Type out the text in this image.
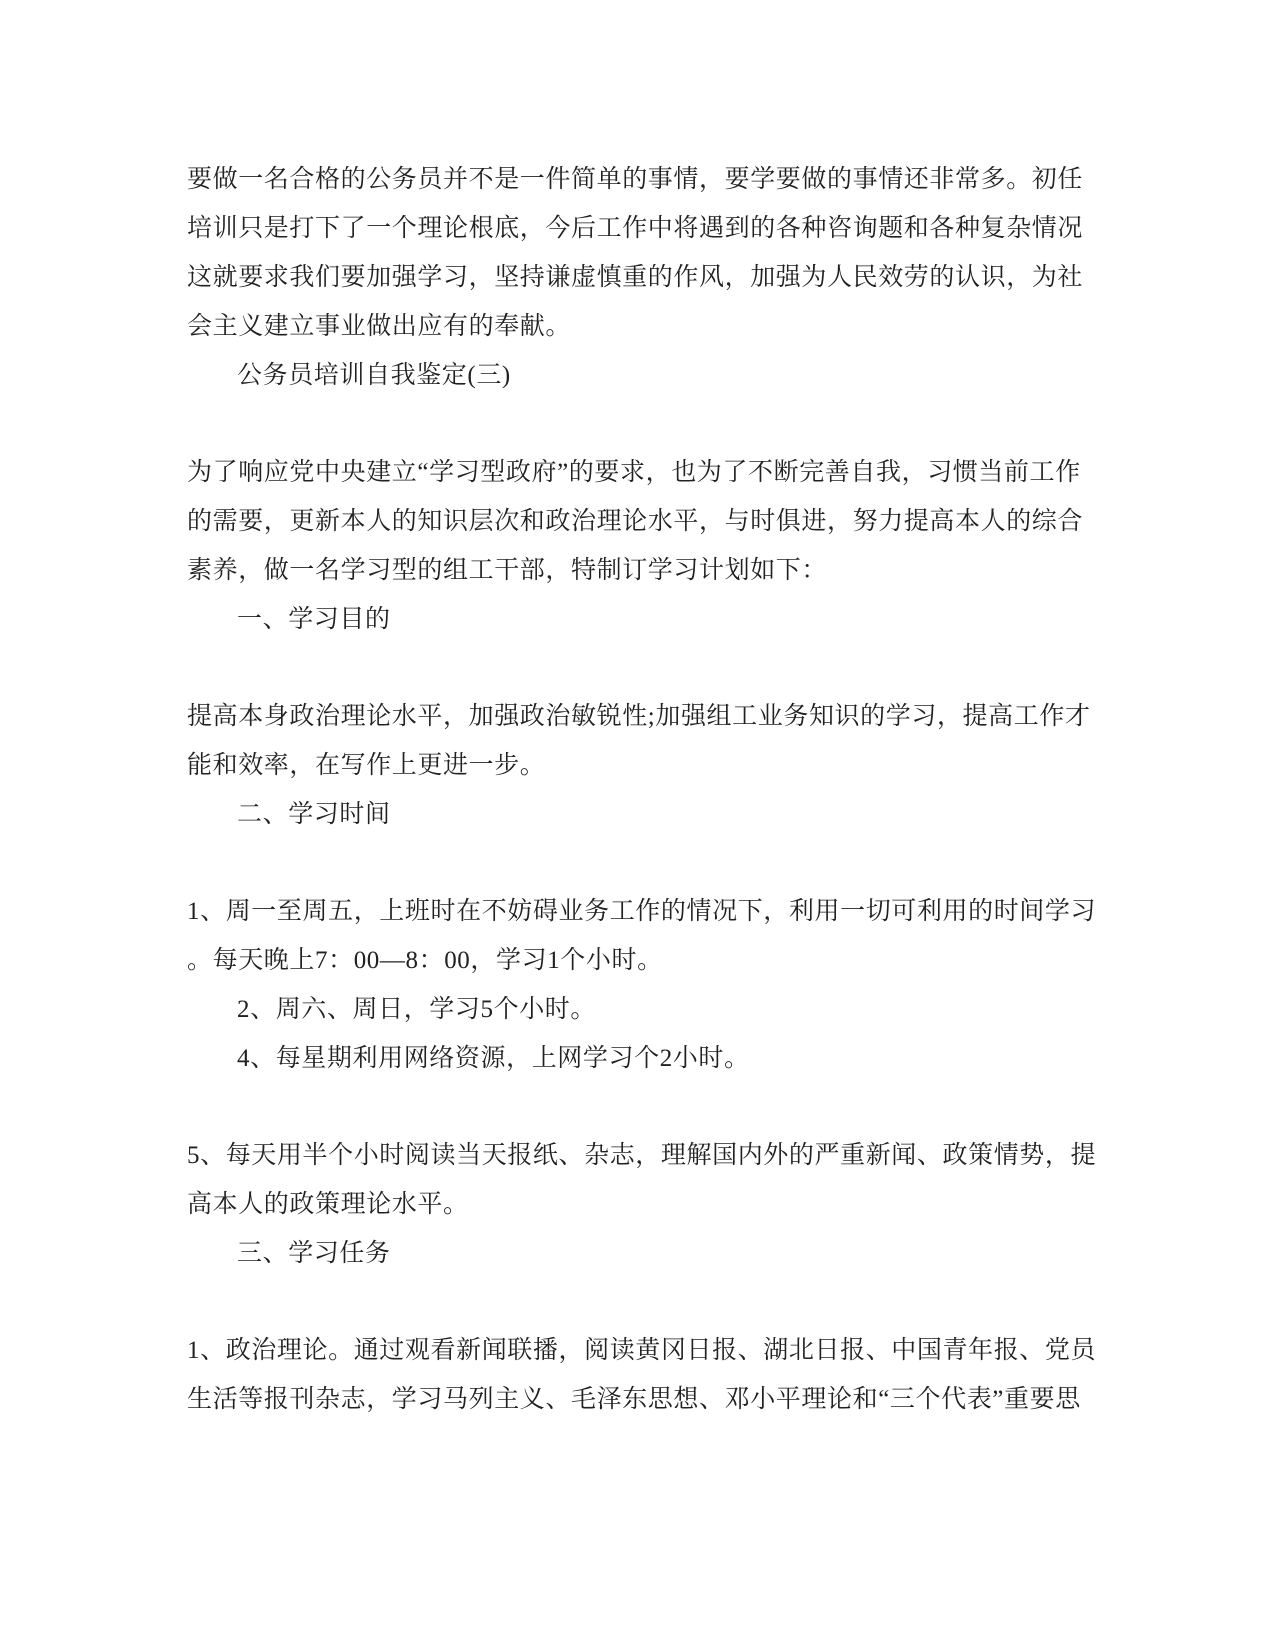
要做一名合格的公务员并不是一件简单的事情，要学要做的事情还非常多。初任
培训只是打下了一个理论根底，今后工作中将遇到的各种咨询题和各种复杂情况
这就要求我们要加强学习，坚持谦虚慎重的作风，加强为人民效劳的认识，为社
会主义建立事业做出应有的奉献。
公务员培训自我鉴定(三)
为了响应党中央建立“学习型政府”的要求，也为了不断完善自我，习惯当前工作
的需要，更新本人的知识层次和政治理论水平，与时俱进，努力提高本人的综合
素养，做一名学习型的组工干部，特制订学习计划如下：
一、学习目的
提高本身政治理论水平，加强政治敏锐性;加强组工业务知识的学习，提高工作才
能和效率，在写作上更进一步。
二、学习时间
1、周一至周五，上班时在不妨碍业务工作的情况下，利用一切可利用的时间学习
。每天晚上7：00—8：00，学习1个小时。
2、周六、周日，学习5个小时。
4、每星期利用网络资源，上网学习个2小时。
5、每天用半个小时阅读当天报纸、杂志，理解国内外的严重新闻、政策情势，提
高本人的政策理论水平。
三、学习任务
1、政治理论。通过观看新闻联播，阅读黄冈日报、湖北日报、中国青年报、党员
生活等报刊杂志，学习马列主义、毛泽东思想、邓小平理论和“三个代表”重要思
